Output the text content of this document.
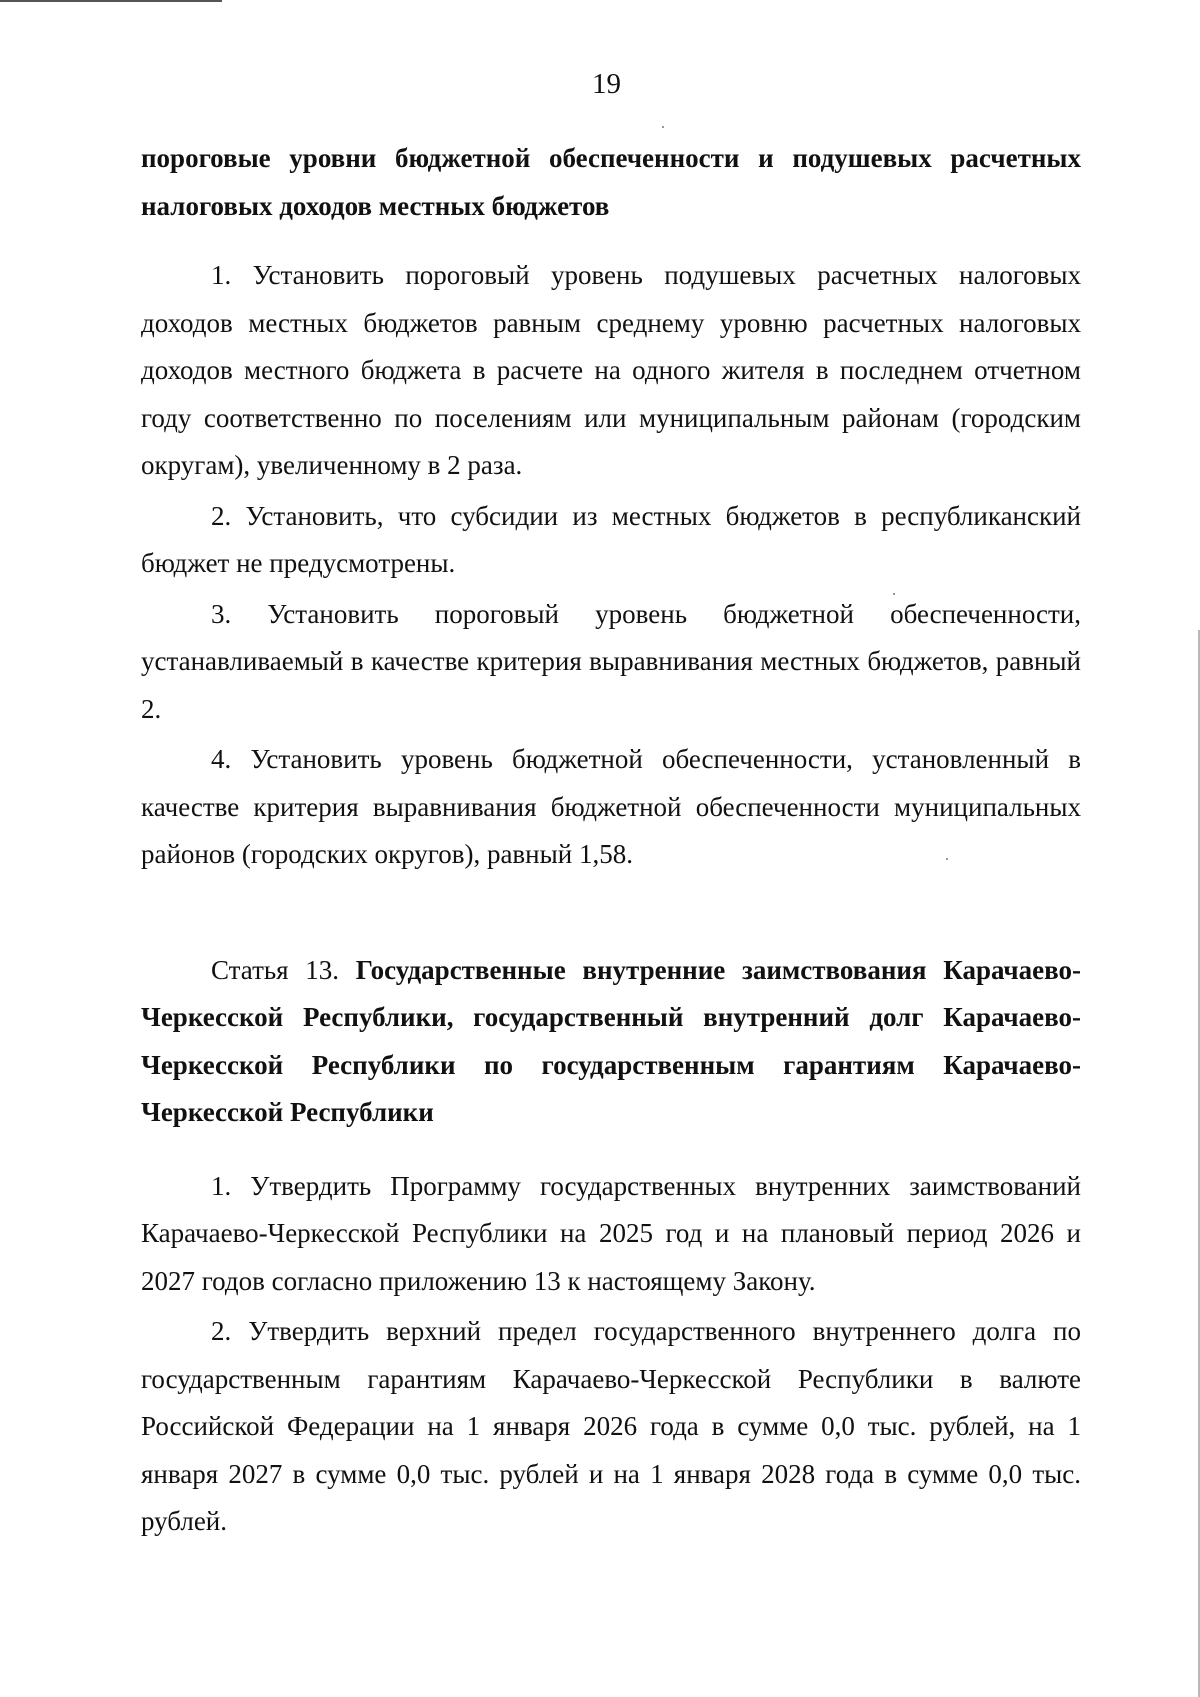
19

пороговые уровни бюджетной обеспеченности и подушевых расчетных налоговых доходов местных бюджетов

1. Установить пороговый уровень подушевых расчетных налоговых доходов местных бюджетов равным среднему уровню расчетных налоговых доходов местного бюджета в расчете на одного жителя в последнем отчетном году соответственно по поселениям или муниципальным районам (городским округам), увеличенному в 2 раза.

2. Установить, что субсидии из местных бюджетов в республиканский бюджет не предусмотрены.

3. Установить пороговый уровень бюджетной обеспеченности, устанавливаемый в качестве критерия выравнивания местных бюджетов, равный 2.

4. Установить уровень бюджетной обеспеченности, установленный в качестве критерия выравнивания бюджетной обеспеченности муниципальных районов (городских округов), равный 1,58.

Статья 13. Государственные внутренние заимствования Карачаево-Черкесской Республики, государственный внутренний долг Карачаево-Черкесской Республики по государственным гарантиям Карачаево-Черкесской Республики

1. Утвердить Программу государственных внутренних заимствований Карачаево-Черкесской Республики на 2025 год и на плановый период 2026 и 2027 годов согласно приложению 13 к настоящему Закону.

2. Утвердить верхний предел государственного внутреннего долга по государственным гарантиям Карачаево-Черкесской Республики в валюте Российской Федерации на 1 января 2026 года в сумме 0,0 тыс. рублей, на 1 января 2027 в сумме 0,0 тыс. рублей и на 1 января 2028 года в сумме 0,0 тыс. рублей.
